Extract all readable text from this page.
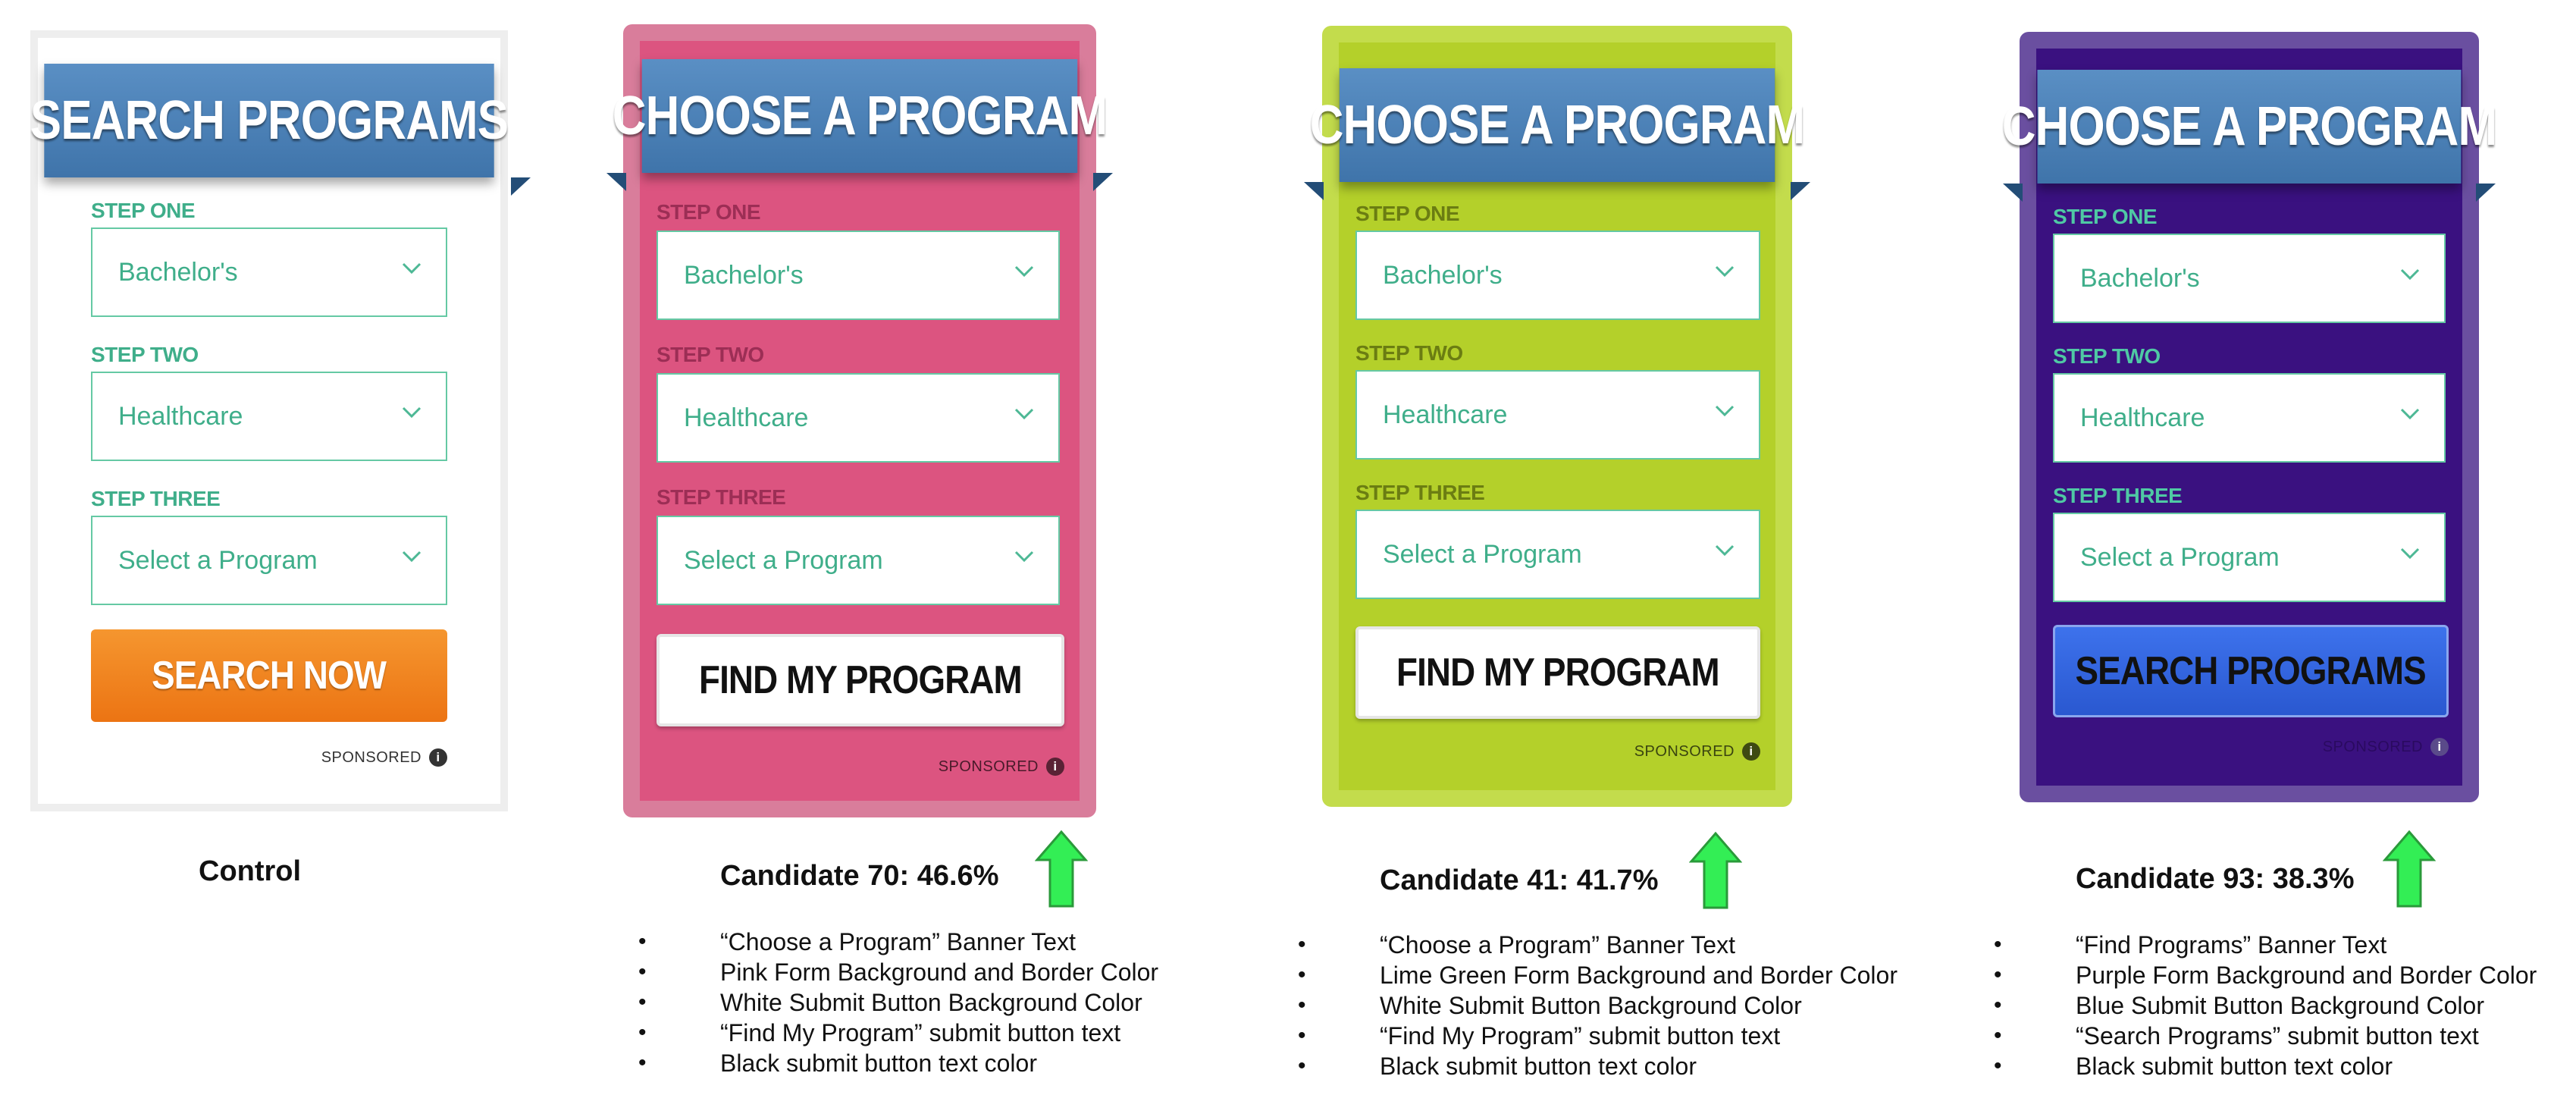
SEARCH PROGRAMS
STEP ONE
Bachelor's
STEP TWO
Healthcare
STEP THREE
Select a Program
SEARCH NOW
SPONSORED	i
Control
CHOOSE A PROGRAM
STEP ONE
Bachelor's
STEP TWO
Healthcare
STEP THREE
Select a Program
FIND MY PROGRAM
SPONSORED	i
Candidate 70: 46.6%
• “Choose a Program” Banner Text
• Pink Form Background and Border Color
• White Submit Button Background Color
• “Find My Program” submit button text
• Black submit button text color
CHOOSE A PROGRAM
STEP ONE
Bachelor's
STEP TWO
Healthcare
STEP THREE
Select a Program
FIND MY PROGRAM
SPONSORED	i
Candidate 41: 41.7%
• “Choose a Program” Banner Text
• Lime Green Form Background and Border Color
• White Submit Button Background Color
• “Find My Program” submit button text
• Black submit button text color
CHOOSE A PROGRAM
STEP ONE
Bachelor's
STEP TWO
Healthcare
STEP THREE
Select a Program
SEARCH PROGRAMS
SPONSORED	i
Candidate 93: 38.3%
• “Find Programs” Banner Text
• Purple Form Background and Border Color
• Blue Submit Button Background Color
• “Search Programs” submit button text
• Black submit button text color
